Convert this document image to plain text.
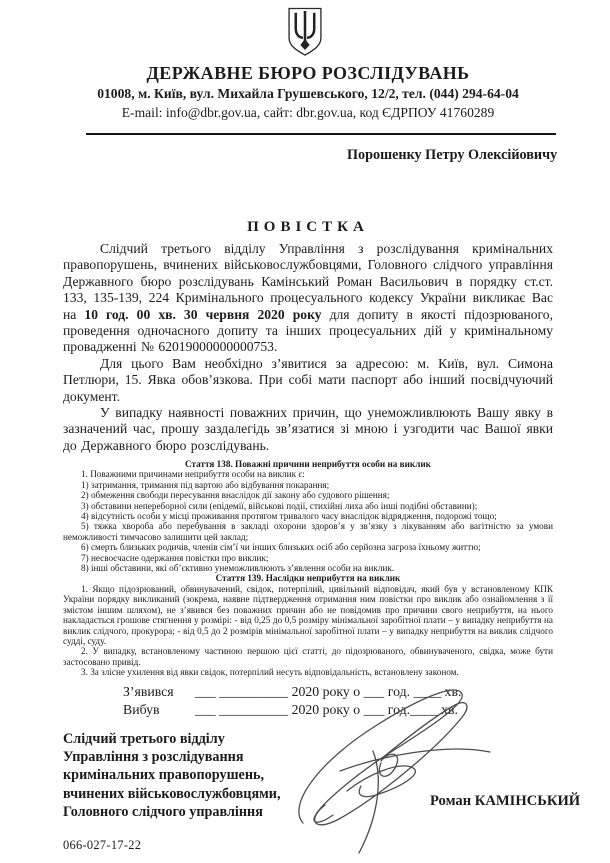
ДЕРЖАВНЕ БЮРО РОЗСЛІДУВАНЬ
01008, м. Київ, вул. Михайла Грушевського, 12/2, тел. (044) 294-64-04
E-mail: info@dbr.gov.ua, сайт: dbr.gov.ua, код ЄДРПОУ 41760289
Порошенку Петру Олексійовичу
ПОВІСТКА

Слідчий третього відділу Управління з розслідування кримінальних правопорушень, вчинених військовослужбовцями, Головного слідчого управління Державного бюро розслідувань Камінський Роман Васильович в порядку ст.ст. 133, 135-139, 224 Кримінального процесуального кодексу України викликає Вас на 10 год. 00 хв. 30 червня 2020 року для допиту в якості підозрюваного, проведення одночасного допиту та інших процесуальних дій у кримінальному провадженні № 62019000000000753.

Для цього Вам необхідно з’явитися за адресою: м. Київ, вул. Симона Петлюри, 15. Явка обов’язкова. При собі мати паспорт або інший посвідчуючий документ.

У випадку наявності поважних причин, що унеможливлюють Вашу явку в зазначений час, прошу заздалегідь зв’язатися зі мною і узгодити час Вашої явки до Державного бюро розслідувань.

Стаття 138. Поважні причини неприбуття особи на виклик

1. Поважними причинами неприбуття особи на виклик є:

1) затримання, тримання під вартою або відбування покарання;

2) обмеження свободи пересування внаслідок дії закону або судового рішення;

3) обставини непереборної сили (епідемії, військові події, стихійні лиха або інші подібні обставини);

4) відсутність особи у місці проживання протягом тривалого часу внаслідок відрядження, подорожі тощо;

5) тяжка хвороба або перебування в закладі охорони здоров’я у зв’язку з лікуванням або вагітністю за умови неможливості тимчасово залишити цей заклад;

6) смерть близьких родичів, членів сім’ї чи інших близьких осіб або серйозна загроза їхньому життю;

7) несвоєчасне одержання повістки про виклик;

8) інші обставини, які об’єктивно унеможливлюють з’явлення особи на виклик.

Стаття 139. Наслідки неприбуття на виклик

1. Якщо підозрюваний, обвинувачений, свідок, потерпілий, цивільний відповідач, який був у встановленому КПК України порядку викликаний (зокрема, наявне підтвердження отримання ним повістки про виклик або ознайомлення з її змістом іншим шляхом), не з’явився без поважних причин або не повідомив про причини свого неприбуття, на нього накладається грошове стягнення у розмірі: - від 0,25 до 0,5 розміру мінімальної заробітної плати – у випадку неприбуття на виклик слідчого, прокурора; - від 0,5 до 2 розмірів мінімальної заробітної плати – у випадку неприбуття на виклик слідчого судді, суду.

2. У випадку, встановленому частиною першою цієї статті, до підозрюваного, обвинуваченого, свідка, може бути застосовано привід.

3. За злісне ухилення від явки свідок, потерпілий несуть відповідальність, встановлену законом.

З’явився ___ __________ 2020 року о ___ год. ____ хв.
Вибув	___ __________ 2020 року о ___ год.____ хв.
Слідчий третього відділу
Управління з розслідування
кримінальних правопорушень,
вчинених військовослужбовцями,
Головного слідчого управління
Роман КАМІНСЬКИЙ
066-027-17-22
